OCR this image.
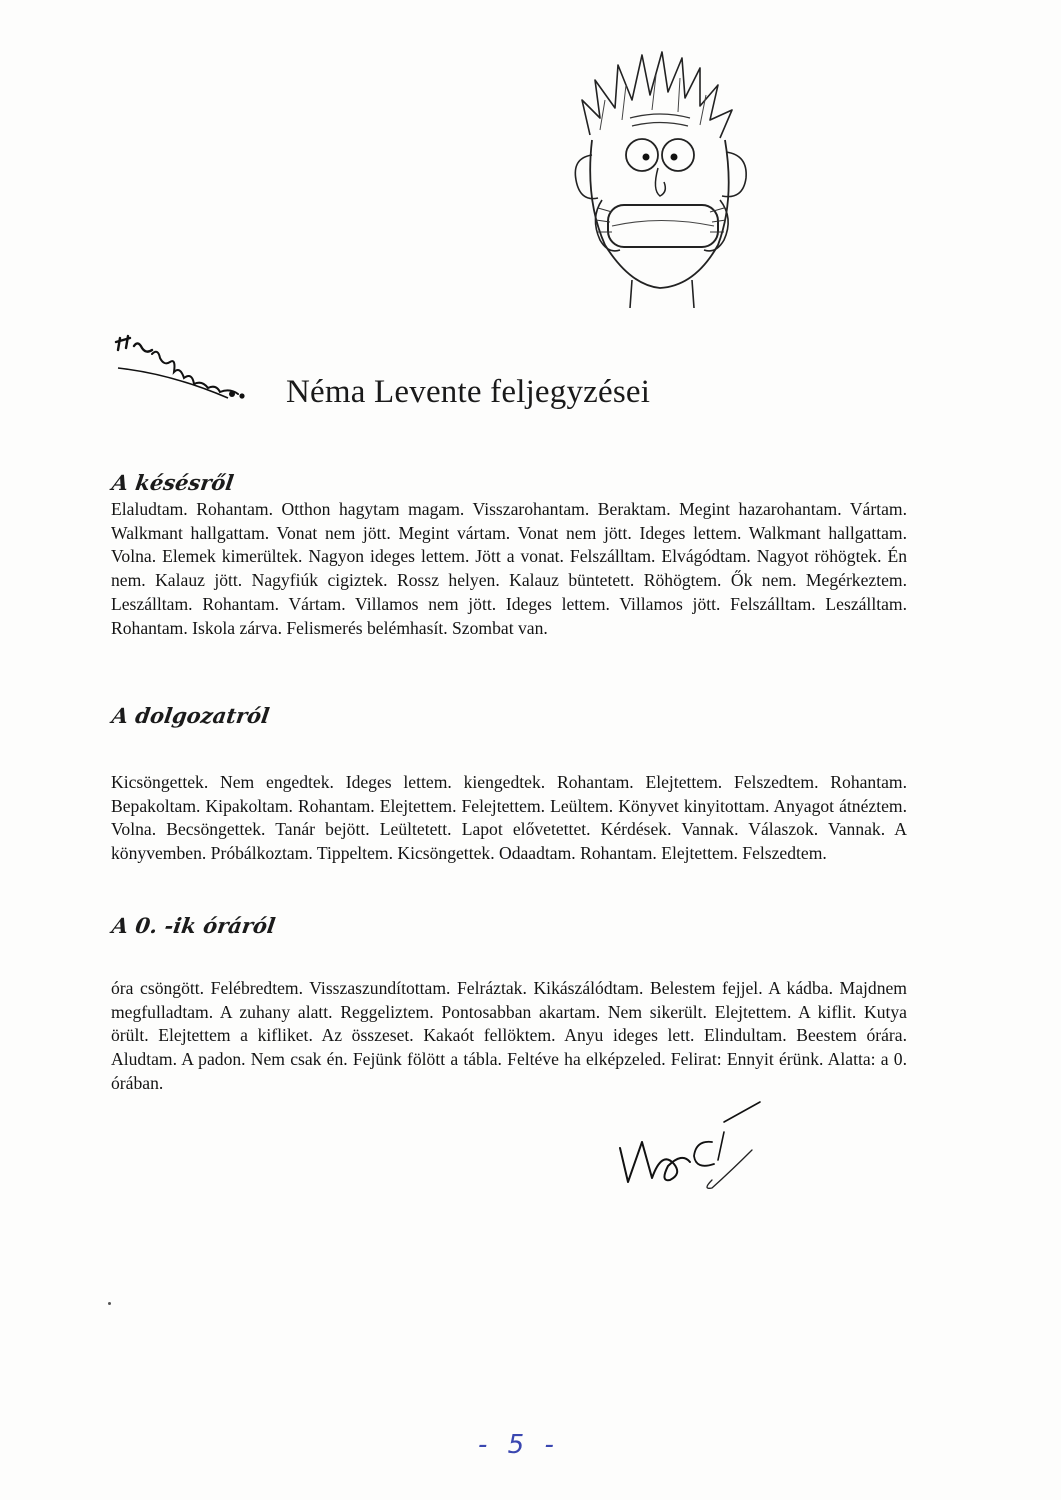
Néma Levente feljegyzései
A késésről

Elaludtam. Rohantam. Otthon hagytam magam. Visszarohantam. Beraktam. Megint hazarohantam. Vártam. Walkmant hallgattam. Vonat nem jött. Megint vártam. Vonat nem jött. Ideges lettem. Walkmant hallgattam. Volna. Elemek kimerültek. Nagyon ideges lettem. Jött a vonat. Felszálltam. Elvágódtam. Nagyot röhögtek. Én nem. Kalauz jött. Nagyfiúk cigiztek. Rossz helyen. Kalauz büntetett. Röhögtem. Ők nem. Megérkeztem. Leszálltam. Rohantam. Vártam. Villamos nem jött. Ideges lettem. Villamos jött. Felszálltam. Leszálltam. Rohantam. Iskola zárva. Felismerés belémhasít. Szombat van.

A dolgozatról

Kicsöngettek. Nem engedtek. Ideges lettem. kiengedtek. Rohantam. Elejtettem. Felszedtem. Rohantam. Bepakoltam. Kipakoltam. Rohantam. Elejtettem. Felejtettem. Leültem. Könyvet kinyitottam. Anyagot átnéztem. Volna. Becsöngettek. Tanár bejött. Leültetett. Lapot elővetettet. Kérdések. Vannak. Válaszok. Vannak. A könyvemben. Próbálkoztam. Tippeltem. Kicsöngettek. Odaadtam. Rohantam. Elejtettem. Felszedtem.

A 0. -ik óráról

óra csöngött. Felébredtem. Visszaszundítottam. Felráztak. Kikászálódtam. Belestem fejjel. A kádba. Majdnem megfulladtam. A zuhany alatt. Reggeliztem. Pontosabban akartam. Nem sikerült. Elejtettem. A kiflit. Kutya örült. Elejtettem a kifliket. Az összeset. Kakaót fellöktem. Anyu ideges lett. Elindultam. Beestem órára. Aludtam. A padon. Nem csak én. Fejünk fölött a tábla. Feltéve ha elképzeled. Felirat: Ennyit érünk. Alatta: a 0. órában.

- 5 -
